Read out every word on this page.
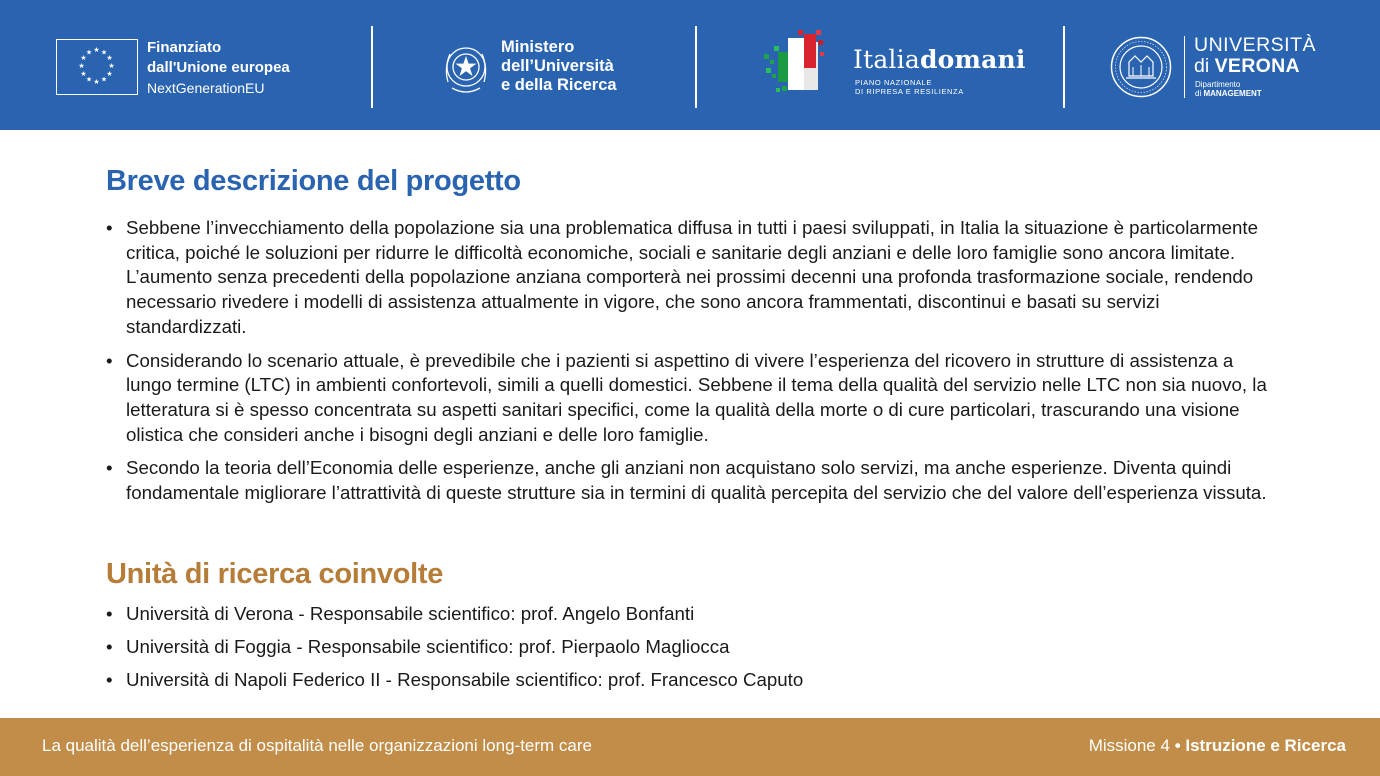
★ ★
★
★
★
★
★
★
★
★
★
★	Finanziato
dall'Unione europea
NextGenerationEU
Ministero
dell’Università
e della Ricerca
Italiadomani
PIANO NAZIONALE
DI RIPRESA E RESILIENZA
UNIVERSITÀ
di VERONA
Dipartimento
di MANAGEMENT
Breve descrizione del progetto
• Sebbene l’invecchiamento della popolazione sia una problematica diffusa in tutti i paesi sviluppati, in Italia la situazione è particolarmente critica, poiché le soluzioni per ridurre le difficoltà economiche, sociali e sanitarie degli anziani e delle loro famiglie sono ancora limitate. L’aumento senza precedenti della popolazione anziana comporterà nei prossimi decenni una profonda trasformazione sociale, rendendo necessario rivedere i modelli di assistenza attualmente in vigore, che sono ancora frammentati, discontinui e basati su servizi standardizzati.
• Considerando lo scenario attuale, è prevedibile che i pazienti si aspettino di vivere l’esperienza del ricovero in strutture di assistenza a lungo termine (LTC) in ambienti confortevoli, simili a quelli domestici. Sebbene il tema della qualità del servizio nelle LTC non sia nuovo, la letteratura si è spesso concentrata su aspetti sanitari specifici, come la qualità della morte o di cure particolari, trascurando una visione olistica che consideri anche i bisogni degli anziani e delle loro famiglie.
• Secondo la teoria dell’Economia delle esperienze, anche gli anziani non acquistano solo servizi, ma anche esperienze. Diventa quindi fondamentale migliorare l’attrattività di queste strutture sia in termini di qualità percepita del servizio che del valore dell’esperienza vissuta.
Unità di ricerca coinvolte
• Università di Verona - Responsabile scientifico: prof. Angelo Bonfanti
• Università di Foggia - Responsabile scientifico: prof. Pierpaolo Magliocca
• Università di Napoli Federico II - Responsabile scientifico: prof. Francesco Caputo
La qualità dell’esperienza di ospitalità nelle organizzazioni long-term care	Missione 4 • Istruzione e Ricerca
